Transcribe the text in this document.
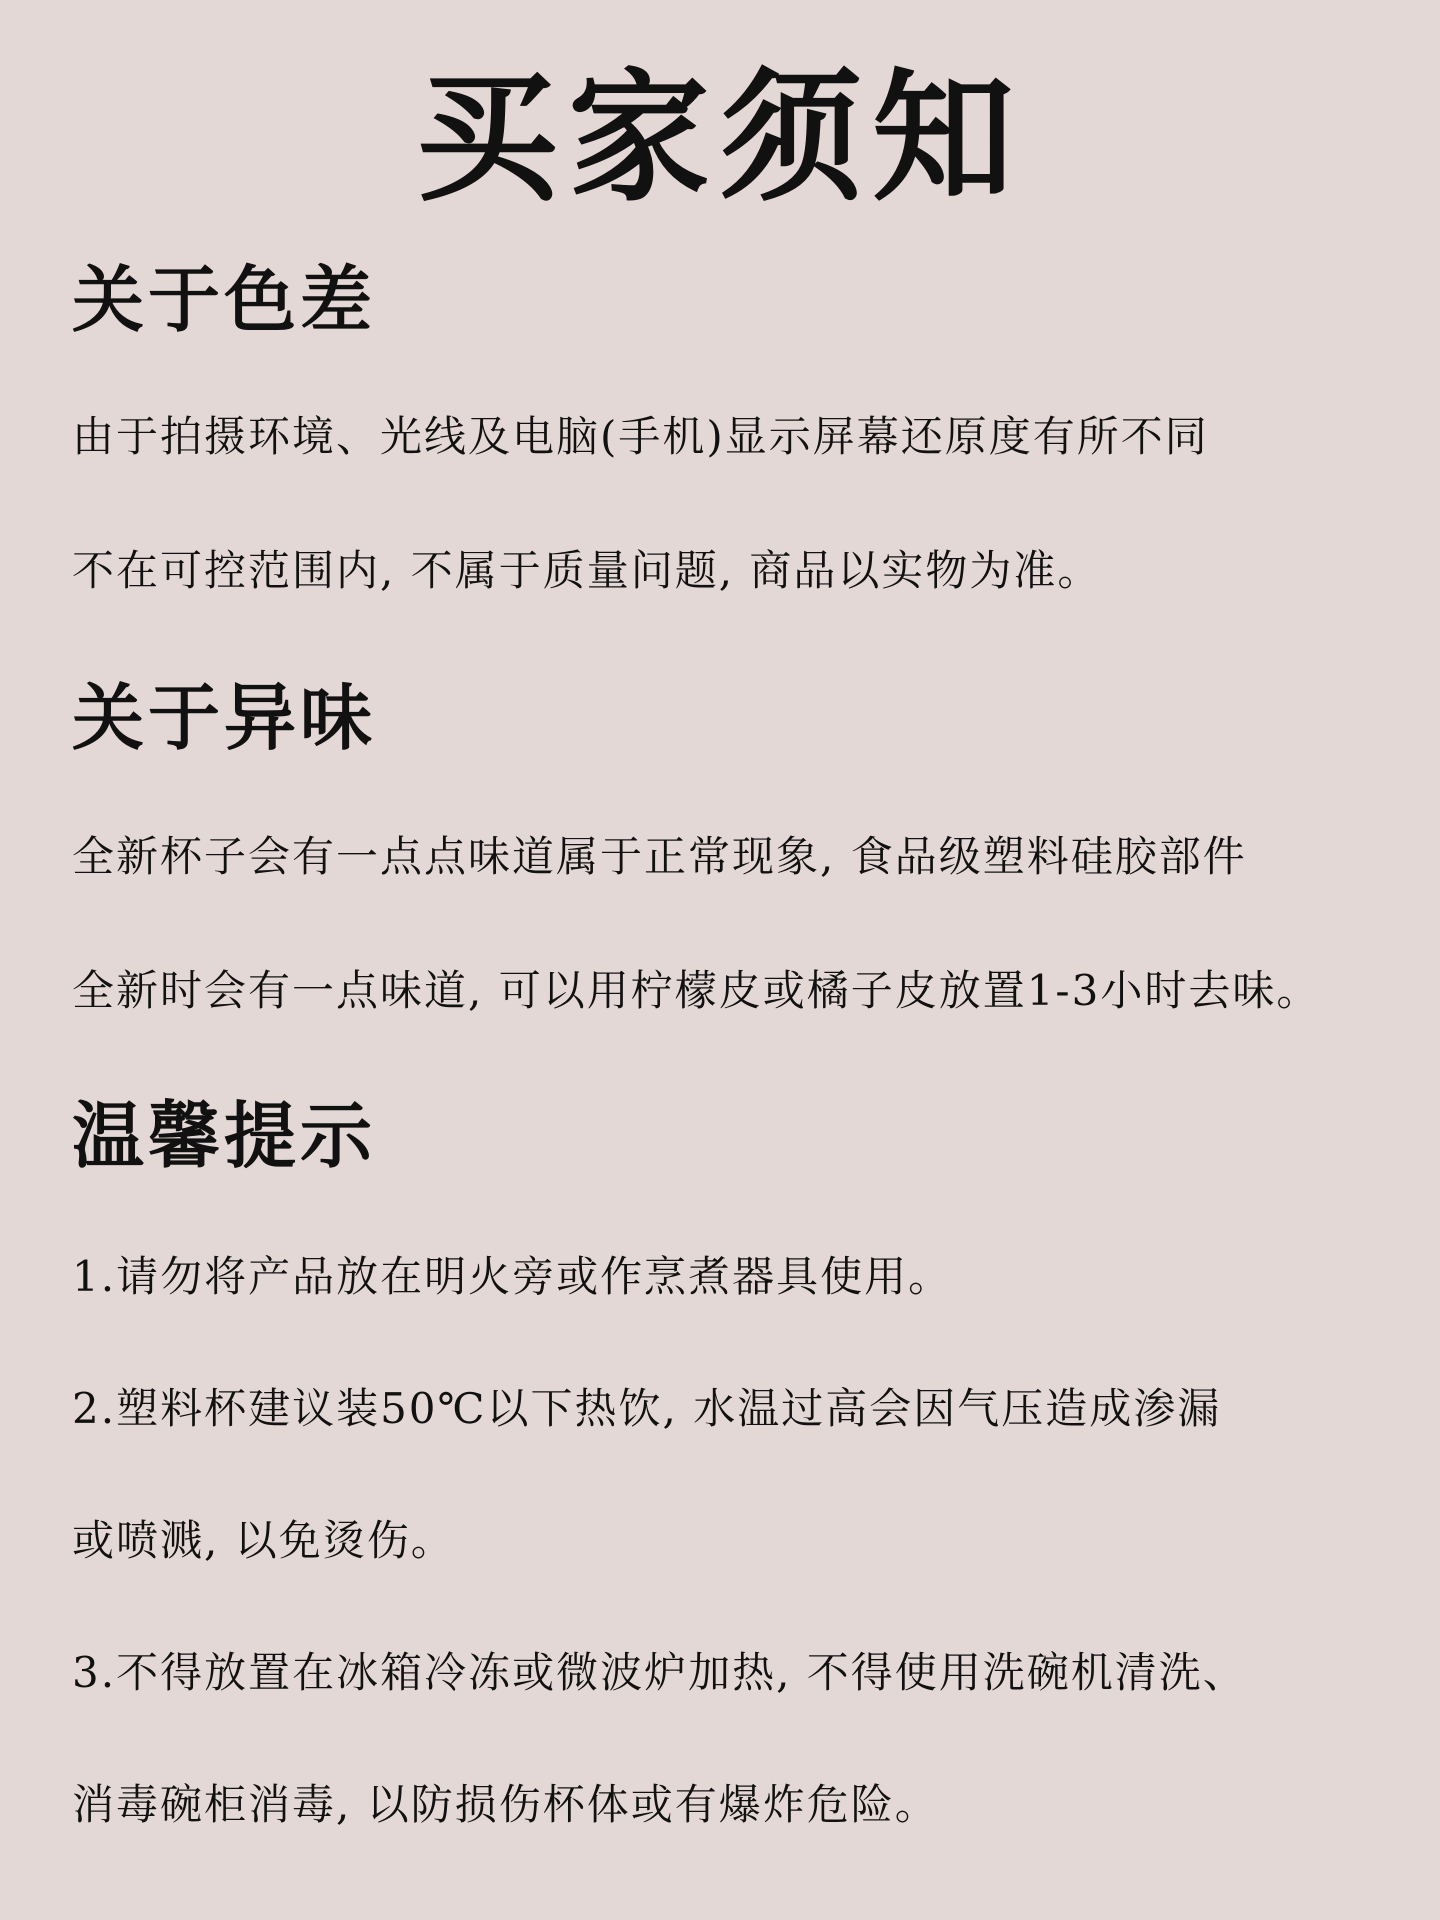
买家须知
关于色差
由于拍摄环境、光线及电脑(手机)显示屏幕还原度有所不同
不在可控范围内, 不属于质量问题, 商品以实物为准。
关于异味
全新杯子会有一点点味道属于正常现象, 食品级塑料硅胶部件
全新时会有一点味道, 可以用柠檬皮或橘子皮放置1-3小时去味。
温馨提示
1.请勿将产品放在明火旁或作烹煮器具使用。
2.塑料杯建议装50℃以下热饮, 水温过高会因气压造成渗漏
或喷溅, 以免烫伤。
3.不得放置在冰箱冷冻或微波炉加热, 不得使用洗碗机清洗、
消毒碗柜消毒, 以防损伤杯体或有爆炸危险。
